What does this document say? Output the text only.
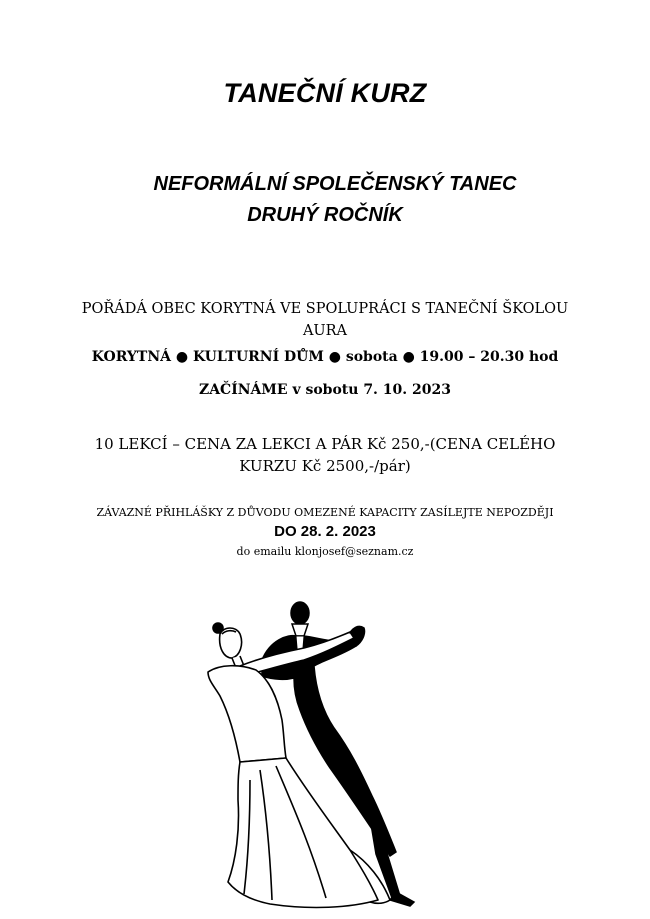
TANEČNÍ KURZ
NEFORMÁLNÍ SPOLEČENSKÝ TANEC
DRUHÝ ROČNÍK
POŘÁDÁ OBEC KORYTNÁ VE SPOLUPRÁCI S TANEČNÍ ŠKOLOU AURA
KORYTNÁ ● KULTURNÍ DŮM ● sobota ● 19.00 – 20.30 hod
ZAČÍNÁME v sobotu 7. 10. 2023
10 LEKCÍ – CENA ZA LEKCI A PÁR Kč 250,-(CENA CELÉHO KURZU Kč 2500,-/pár)
ZÁVAZNÉ PŘIHLÁŠKY Z DŮVODU OMEZENÉ KAPACITY ZASÍLEJTE NEPOZDĚJI
DO 28. 2. 2023
do emailu klonjosef@seznam.cz
